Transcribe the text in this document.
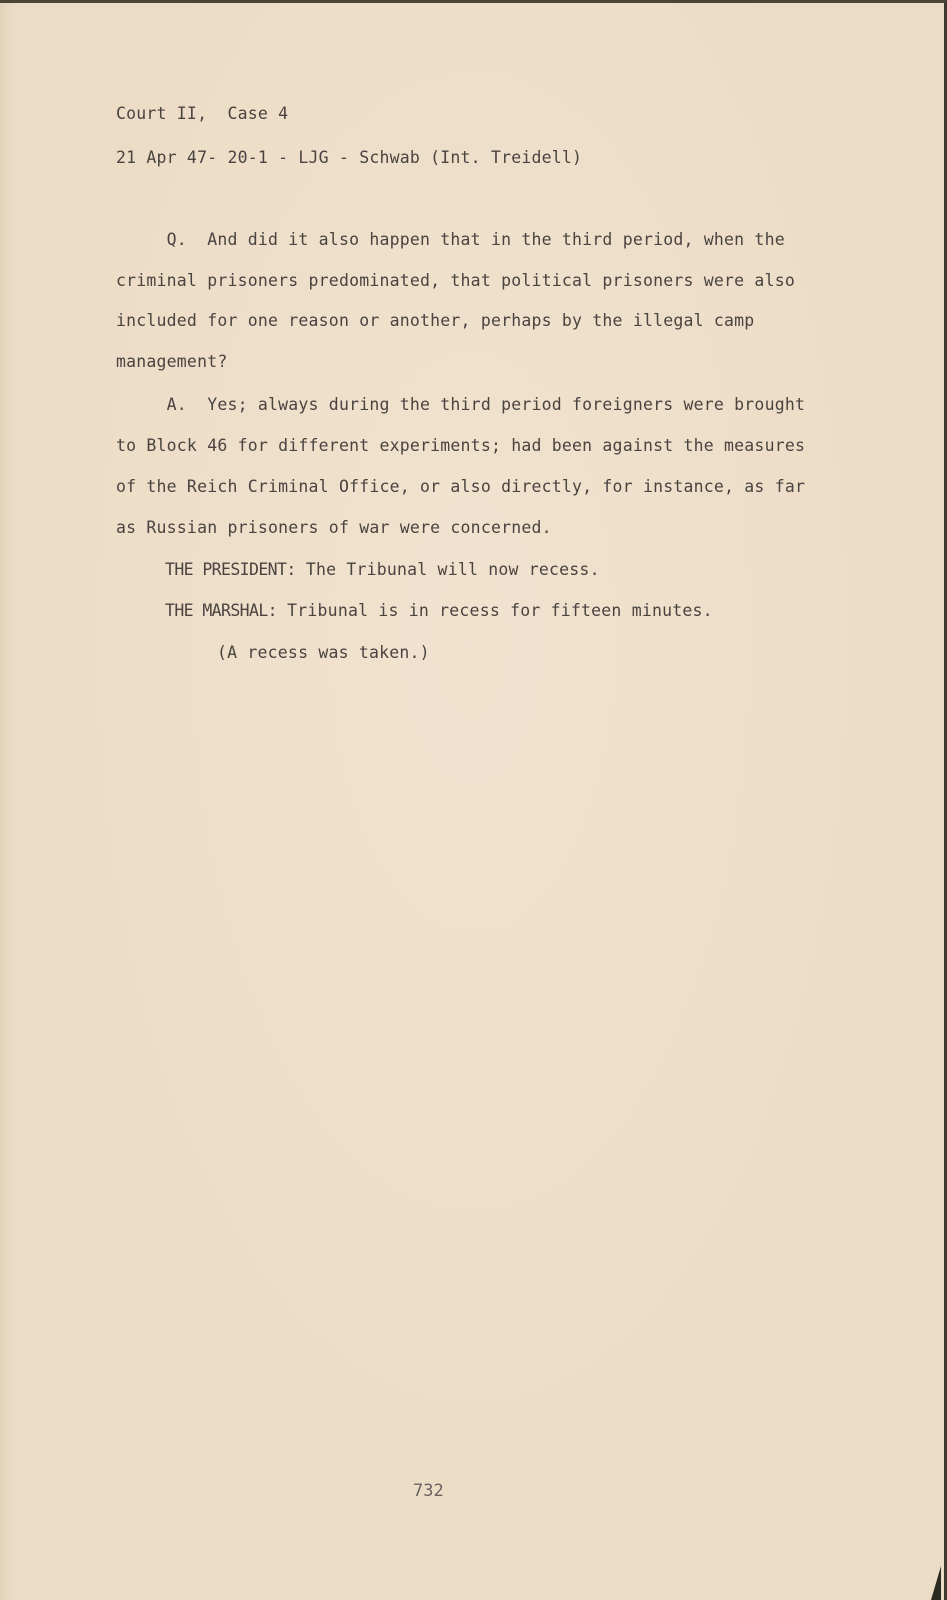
Court II,  Case 4
21 Apr 47- 20-1 - LJG - Schwab (Int. Treidell)
Q.  And did it also happen that in the third period, when the
criminal prisoners predominated, that political prisoners were also
included for one reason or another, perhaps by the illegal camp
management?
A.  Yes; always during the third period foreigners were brought
to Block 46 for different experiments; had been against the measures
of the Reich Criminal Office, or also directly, for instance, as far
as Russian prisoners of war were concerned.
THE PRESIDENT: The Tribunal will now recess.
THE MARSHAL: Tribunal is in recess for fifteen minutes.
(A recess was taken.)
732
